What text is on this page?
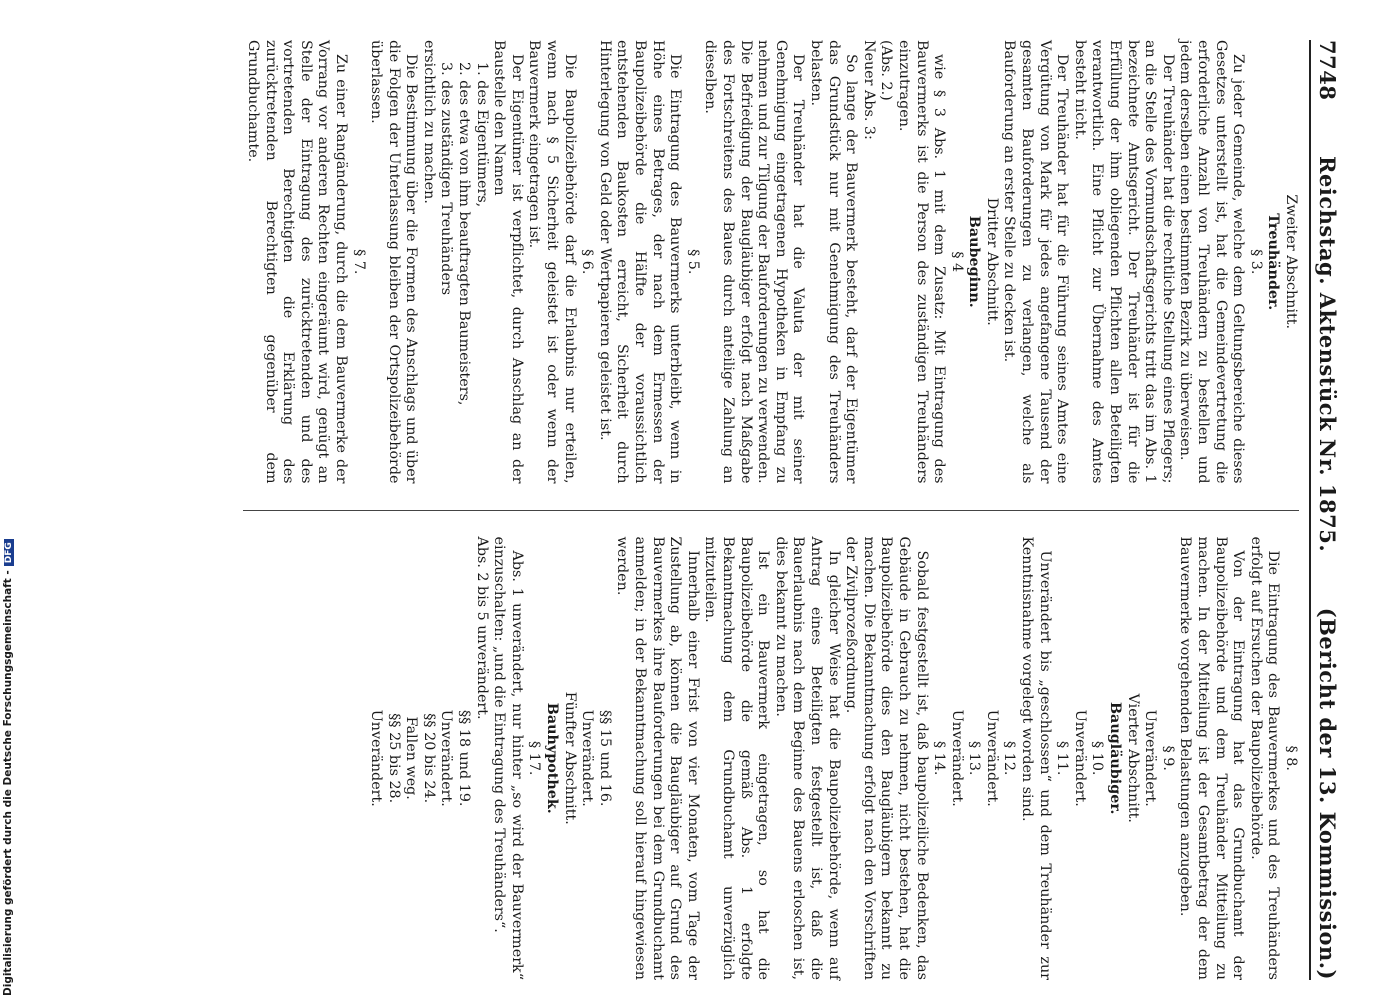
7748
Reichstag. Aktenstück Nr. 1875.
(Bericht der 13. Kommission.)
Zweiter Abschnitt.
Treuhänder.
§ 3.

Zu jeder Gemeinde, welche dem Geltungsbereiche dieses Gesetzes unterstellt ist, hat die Gemeindevertretung die erforderliche Anzahl von Treuhändern zu bestellen und jedem derselben einen bestimmten Bezirk zu überweisen.

Der Treuhänder hat die rechtliche Stellung eines Pflegers; an die Stelle des Vormundschaftsgerichts tritt das im Abs. 1 bezeichnete Amtsgericht. Der Treuhänder ist für die Erfüllung der ihm obliegenden Pflichten allen Beteiligten verantwortlich. Eine Pflicht zur Übernahme des Amtes besteht nicht.

Der Treuhänder hat für die Führung seines Amtes eine Vergütung von Mark für jedes angefangene Tausend der gesamten Bauforderungen zu verlangen, welche als Bauforderung an erster Stelle zu decken ist.

Dritter Abschnitt.
Baubeginn.
§ 4

wie § 3 Abs. 1 mit dem Zusatz: Mit Eintragung des Bauvermerks ist die Person des zuständigen Treuhänders einzutragen.

(Abs. 2.)

Neuer Abs. 3:

So lange der Bauvermerk besteht, darf der Eigentümer das Grundstück nur mit Genehmigung des Treuhänders belasten.

Der Treuhänder hat die Valuta der mit seiner Genehmigung eingetragenen Hypotheken in Empfang zu nehmen und zur Tilgung der Bauforderungen zu verwenden. Die Befriedigung der Baugläubiger erfolgt nach Maßgabe des Fortschreitens des Baues durch anteilige Zahlung an dieselben.

§ 5.

Die Eintragung des Bauvermerks unterbleibt, wenn in Höhe eines Betrages, der nach dem Ermessen der Baupolizeibehörde die Hälfte der voraussichtlich entstehenden Baukosten erreicht, Sicherheit durch Hinterlegung von Geld oder Wertpapieren geleistet ist.

§ 6.

Die Baupolizeibehörde darf die Erlaubnis nur erteilen, wenn nach § 5 Sicherheit geleistet ist oder wenn der Bauvermerk eingetragen ist.

Der Eigentümer ist verpflichtet, durch Anschlag an der Baustelle den Namen

1. des Eigentümers,

2. des etwa von ihm beauftragten Baumeisters,

3. des zuständigen Treuhänders

ersichtlich zu machen.

Die Bestimmung über die Formen des Anschlags und über die Folgen der Unterlassung bleiben der Ortspolizeibehörde überlassen.

§ 7.

Zu einer Rangänderung, durch die dem Bauvermerke der Vorrang vor anderen Rechten eingeräumt wird, genügt an Stelle der Eintragung des zurücktretenden und des vortretenden Berechtigten die Erklärung des zurücktretenden Berechtigten gegenüber dem Grundbuchamte.

§ 8.

Die Eintragung des Bauvermerkes und des Treuhänders erfolgt auf Ersuchen der Baupolizeibehörde.

Von der Eintragung hat das Grundbuchamt der Baupolizeibehörde und dem Treuhänder Mitteilung zu machen. In der Mitteilung ist der Gesamtbetrag der dem Bauvermerke vorgehenden Belastungen anzugeben.

§ 9.
Unverändert.
Vierter Abschnitt.
Baugläubiger.
§ 10.
Unverändert.
§ 11.

Unverändert bis „geschlossen“ und dem Treuhänder zur Kenntnisnahme vorgelegt worden sind.

§ 12.
Unverändert.
§ 13.
Unverändert.
§ 14.

Sobald festgestellt ist, daß baupolizeiliche Bedenken, das Gebäude in Gebrauch zu nehmen, nicht bestehen, hat die Baupolizeibehörde dies den Baugläubigern bekannt zu machen. Die Bekanntmachung erfolgt nach den Vorschriften der Zivilprozeßordnung.

In gleicher Weise hat die Baupolizeibehörde, wenn auf Antrag eines Beteiligten festgestellt ist, daß die Bauerlaubnis nach dem Beginne des Bauens erloschen ist, dies bekannt zu machen.

Ist ein Bauvermerk eingetragen, so hat die Baupolizeibehörde die gemäß Abs. 1 erfolgte Bekanntmachung dem Grundbuchamt unverzüglich mitzuteilen.

Innerhalb einer Frist von vier Monaten, vom Tage der Zustellung ab, können die Baugläubiger auf Grund des Bauvermerkes ihre Bauforderungen bei dem Grundbuchamt anmelden; in der Bekanntmachung soll hierauf hingewiesen werden.

§§ 15 und 16.
Unverändert.
Fünfter Abschnitt.
Bauhypothek.
§ 17.

Abs. 1 unverändert, nur hinter „so wird der Bauvermerk“ einzuschalten: „und die Eintragung des Treuhänders“.

Abs. 2 bis 5 unverändert.

§§ 18 und 19.
Unverändert.
§§ 20 bis 24.
Fallen weg.
§§ 25 bis 28.
Unverändert.
Digitalisierung gefördert durch die Deutsche Forschungsgemeinschaft -DFG
